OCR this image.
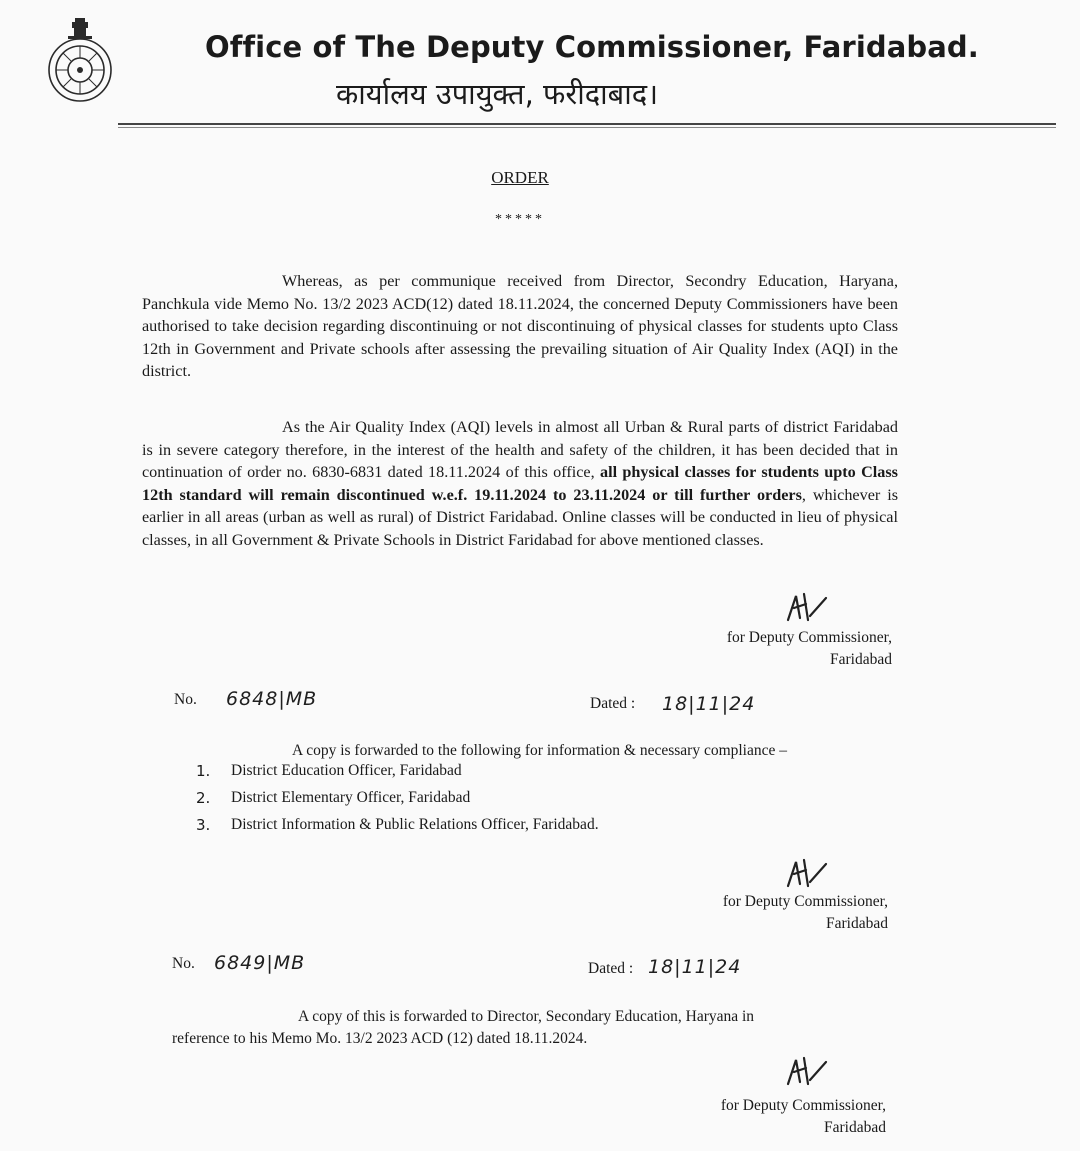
Office of The Deputy Commissioner, Faridabad.
कार्यालय उपायुक्त, फरीदाबाद।
ORDER
*****
Whereas, as per communique received from Director, Secondry Education, Haryana, Panchkula vide Memo No. 13/2 2023 ACD(12) dated 18.11.2024, the concerned Deputy Commissioners have been authorised to take decision regarding discontinuing or not discontinuing of physical classes for students upto Class 12th in Government and Private schools after assessing the prevailing situation of Air Quality Index (AQI) in the district.
As the Air Quality Index (AQI) levels in almost all Urban & Rural parts of district Faridabad is in severe category therefore, in the interest of the health and safety of the children, it has been decided that in continuation of order no. 6830-6831 dated 18.11.2024 of this office, all physical classes for students upto Class 12th standard will remain discontinued w.e.f. 19.11.2024 to 23.11.2024 or till further orders, whichever is earlier in all areas (urban as well as rural) of District Faridabad. Online classes will be conducted in lieu of physical classes, in all Government & Private Schools in District Faridabad for above mentioned classes.
for Deputy Commissioner,
Faridabad
No. 6848|MB	Dated : 18|11|24
A copy is forwarded to the following for information & necessary compliance –
1.	District Education Officer, Faridabad
2.	District Elementary Officer, Faridabad
3.	District Information & Public Relations Officer, Faridabad.
for Deputy Commissioner,
Faridabad
No. 6849|MB	Dated : 18|11|24
A copy of this is forwarded to Director, Secondary Education, Haryana in
reference to his Memo Mo. 13/2 2023 ACD (12) dated 18.11.2024.
for Deputy Commissioner,
Faridabad
